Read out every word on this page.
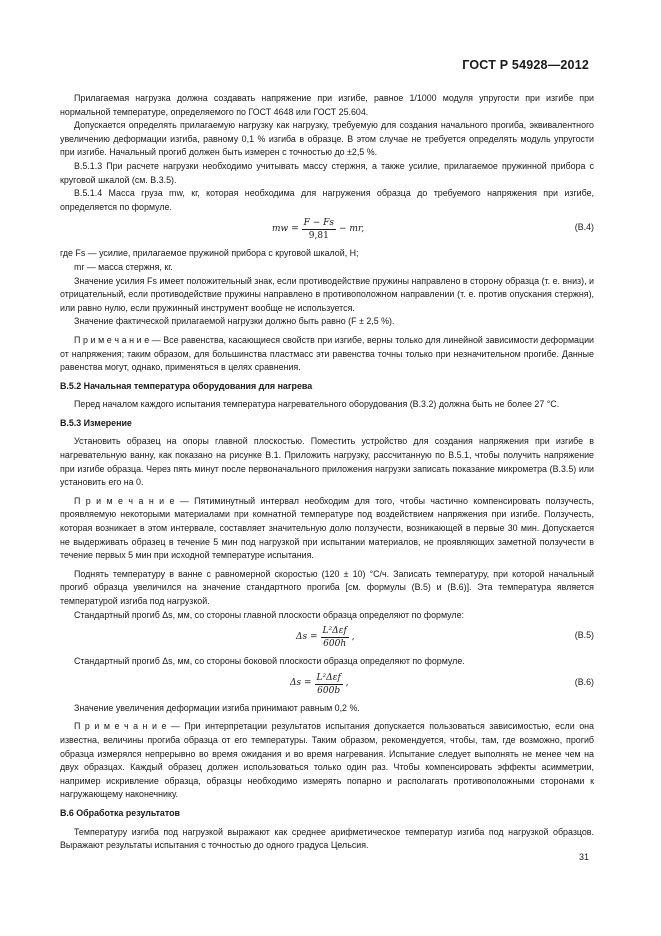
ГОСТ Р 54928—2012

Прилагаемая нагрузка должна создавать напряжение при изгибе, равное 1/1000 модуля упругости при изгибе при нормальной температуре, определяемого по ГОСТ 4648 или ГОСТ 25.604.

Допускается определять прилагаемую нагрузку как нагрузку, требуемую для создания начального прогиба, эквивалентного увеличению деформации изгиба, равному 0,1 % изгиба в образце. В этом случае не требуется определять модуль упругости при изгибе. Начальный прогиб должен быть измерен с точностью до ±2,5 %.

В.5.1.3 При расчете нагрузки необходимо учитывать массу стержня, а также усилие, прилагаемое пружинной прибора с круговой шкалой (см. В.3.5).

В.5.1.4 Масса груза mw, кг, которая необходима для нагружения образца до требуемого напряжения при изгибе, определяется по формуле.

mw = $\frac{F - Fs}{9,81}$ − mr,	(В.4)

где Fs — усилие, прилагаемое пружиной прибора с круговой шкалой, Н;

mr — масса стержня, кг.

Значение усилия Fs имеет положительный знак, если противодействие пружины направлено в сторону образца (т. е. вниз), и отрицательный, если противодействие пружины направлено в противоположном направлении (т. е. против опускания стержня), или равно нулю, если пружинный инструмент вообще не используется.

Значение фактической прилагаемой нагрузки должно быть равно (F ± 2,5 %).

П р и м е ч а н и е — Все равенства, касающиеся свойств при изгибе, верны только для линейной зависимости деформации от напряжения; таким образом, для большинства пластмасс эти равенства точны только при незначительном прогибе. Данные равенства могут, однако, применяться в целях сравнения.

В.5.2 Начальная температура оборудования для нагрева

Перед началом каждого испытания температура нагревательного оборудования (В.3.2) должна быть не более 27 °С.

В.5.3 Измерение

Установить образец на опоры главной плоскостью. Поместить устройство для создания напряжения при изгибе в нагревательную ванну, как показано на рисунке В.1. Приложить нагрузку, рассчитанную по В.5.1, чтобы получить напряжение при изгибе образца. Через пять минут после первоначального приложения нагрузки записать показание микрометра (В.3.5) или установить его на 0.

П р и м е ч а н и е — Пятиминутный интервал необходим для того, чтобы частично компенсировать ползучесть, проявляемую некоторыми материалами при комнатной температуре под воздействием напряжения при изгибе. Ползучесть, которая возникает в этом интервале, составляет значительную долю ползучести, возникающей в первые 30 мин. Допускается не выдерживать образец в течение 5 мин под нагрузкой при испытании материалов, не проявляющих заметной ползучести в течение первых 5 мин при исходной температуре испытания.

Поднять температуру в ванне с равномерной скоростью (120 ± 10) °С/ч. Записать температуру, при которой начальный прогиб образца увеличился на значение стандартного прогиба [см. формулы (В.5) и (В.6)]. Эта температура является температурой изгиба под нагрузкой.

Стандартный прогиб Δs, мм, со стороны главной плоскости образца определяют по формуле:

$\Delta s = \frac{\text{L²Δεf}}{600h}$ ,	(В.5)

Стандартный прогиб Δs, мм, со стороны боковой плоскости образца определяют по формуле.

$\Delta s = \frac{\text{L²Δεf}}{600b}$ ,	(В.6)

Значение увеличения деформации изгиба принимают равным 0,2 %.

П р и м е ч а н и е — При интерпретации результатов испытания допускается пользоваться зависимостью, если она известна, величины прогиба образца от его температуры. Таким образом, рекомендуется, чтобы, там, где возможно, прогиб образца измерялся непрерывно во время ожидания и во время нагревания. Испытание следует выполнять не менее чем на двух образцах. Каждый образец должен использоваться только один раз. Чтобы компенсировать эффекты асимметрии, например искривление образца, образцы необходимо измерять попарно и располагать противоположными сторонами к нагружающему наконечнику.

В.6 Обработка результатов

Температуру изгиба под нагрузкой выражают как среднее арифметическое температур изгиба под нагрузкой образцов. Выражают результаты испытания с точностью до одного градуса Цельсия.

31
